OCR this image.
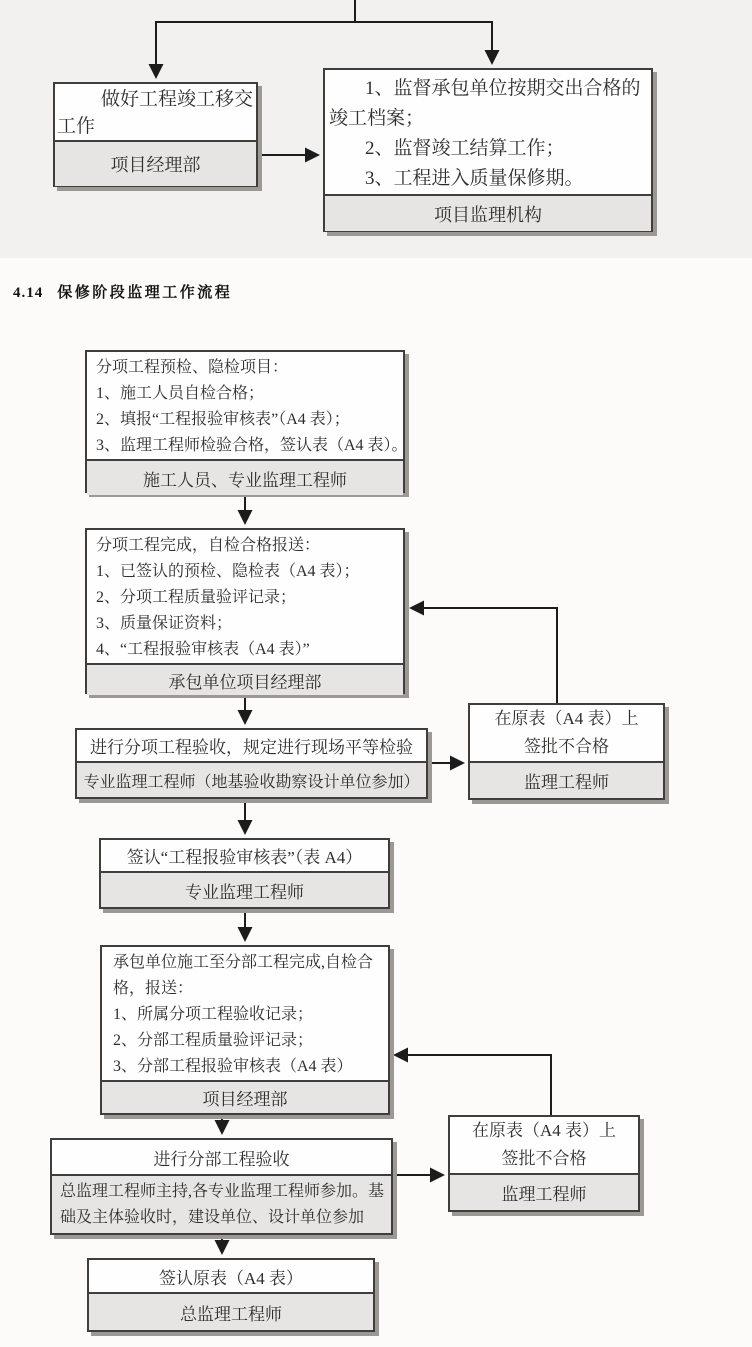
做好工程竣工移交工作

项目经理部

1、监督承包单位按期交出合格的竣工档案；

2、监督竣工结算工作；

3、工程进入质量保修期。

项目监理机构
4.14 保修阶段监理工作流程
分项工程预检、隐检项目：
1、施工人员自检合格；
2、填报“工程报验审核表”（A4 表）；
3、监理工程师检验合格，签认表（A4 表）。
施工人员、专业监理工程师
分项工程完成，自检合格报送：
1、已签认的预检、隐检表（A4 表）；
2、分项工程质量验评记录；
3、质量保证资料；
4、“工程报验审核表（A4 表）”
承包单位项目经理部
进行分项工程验收，规定进行现场平等检验
专业监理工程师（地基验收勘察设计单位参加）
在原表（A4 表）上
签批不合格
监理工程师
签认“工程报验审核表”（表 A4）
专业监理工程师
承包单位施工至分部工程完成,自检合格，报送：
1、所属分项工程验收记录；
2、分部工程质量验评记录；
3、分部工程报验审核表（A4 表）
项目经理部
进行分部工程验收
总监理工程师主持,各专业监理工程师参加。基础及主体验收时，建设单位、设计单位参加
在原表（A4 表）上
签批不合格
监理工程师
签认原表（A4 表）
总监理工程师
